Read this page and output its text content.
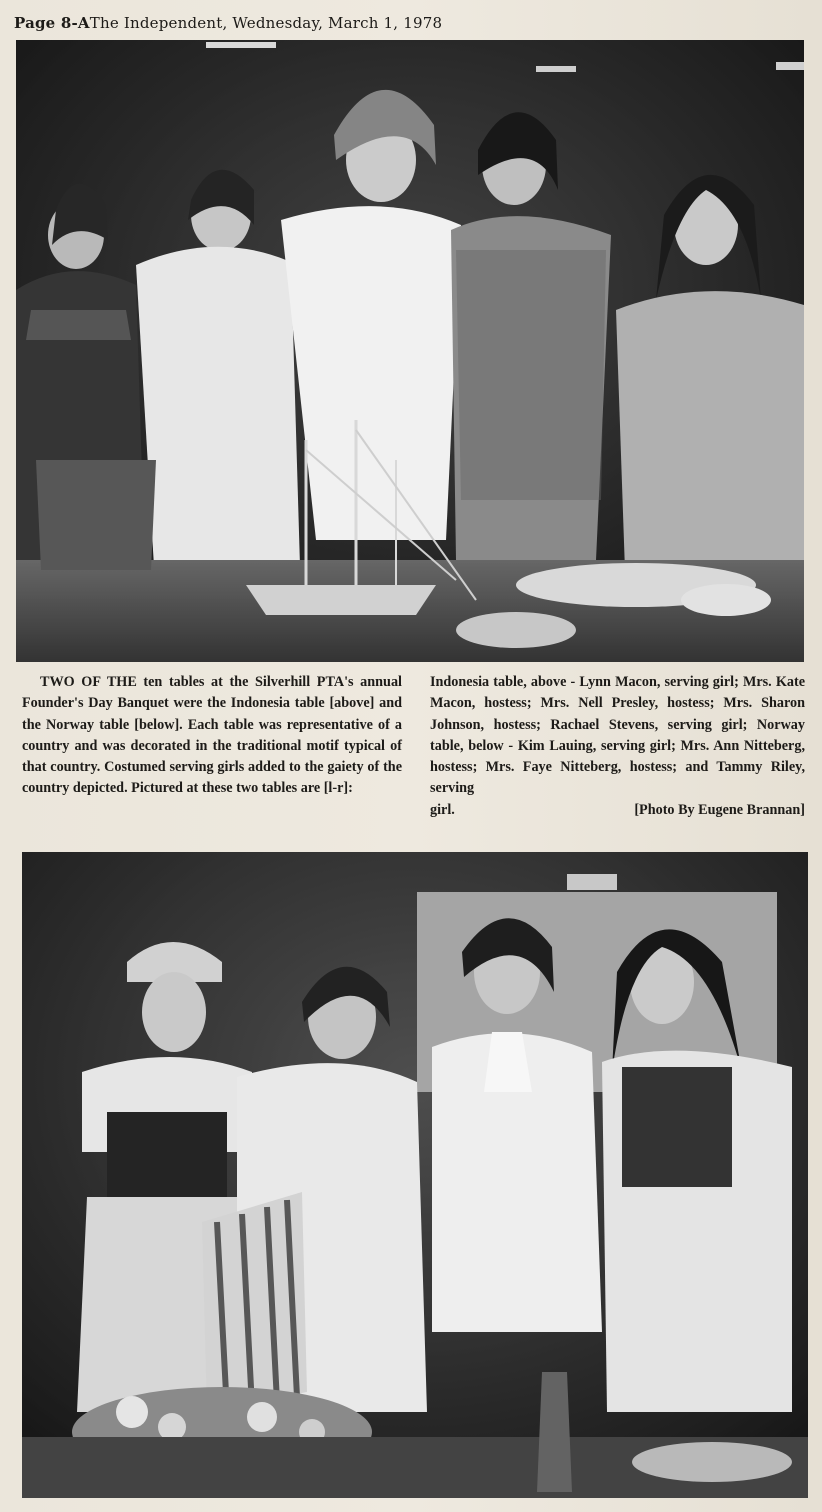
Page 8-AThe Independent, Wednesday, March 1, 1978

TWO OF THE ten tables at the Silverhill PTA's annual Founder's Day Banquet were the Indonesia table [above] and the Norway table [below]. Each table was representative of a country and was decorated in the traditional motif typical of that country. Costumed serving girls added to the gaiety of the country depicted. Pictured at these two tables are [l-r]:

Indonesia table, above - Lynn Macon, serving girl; Mrs. Kate Macon, hostess; Mrs. Nell Presley, hostess; Mrs. Sharon Johnson, hostess; Rachael Stevens, serving girl; Norway table, below - Kim Lauing, serving girl; Mrs. Ann Nitteberg, hostess; Mrs. Faye Nitteberg, hostess; and Tammy Riley, serving

girl.	[Photo By Eugene Brannan]
